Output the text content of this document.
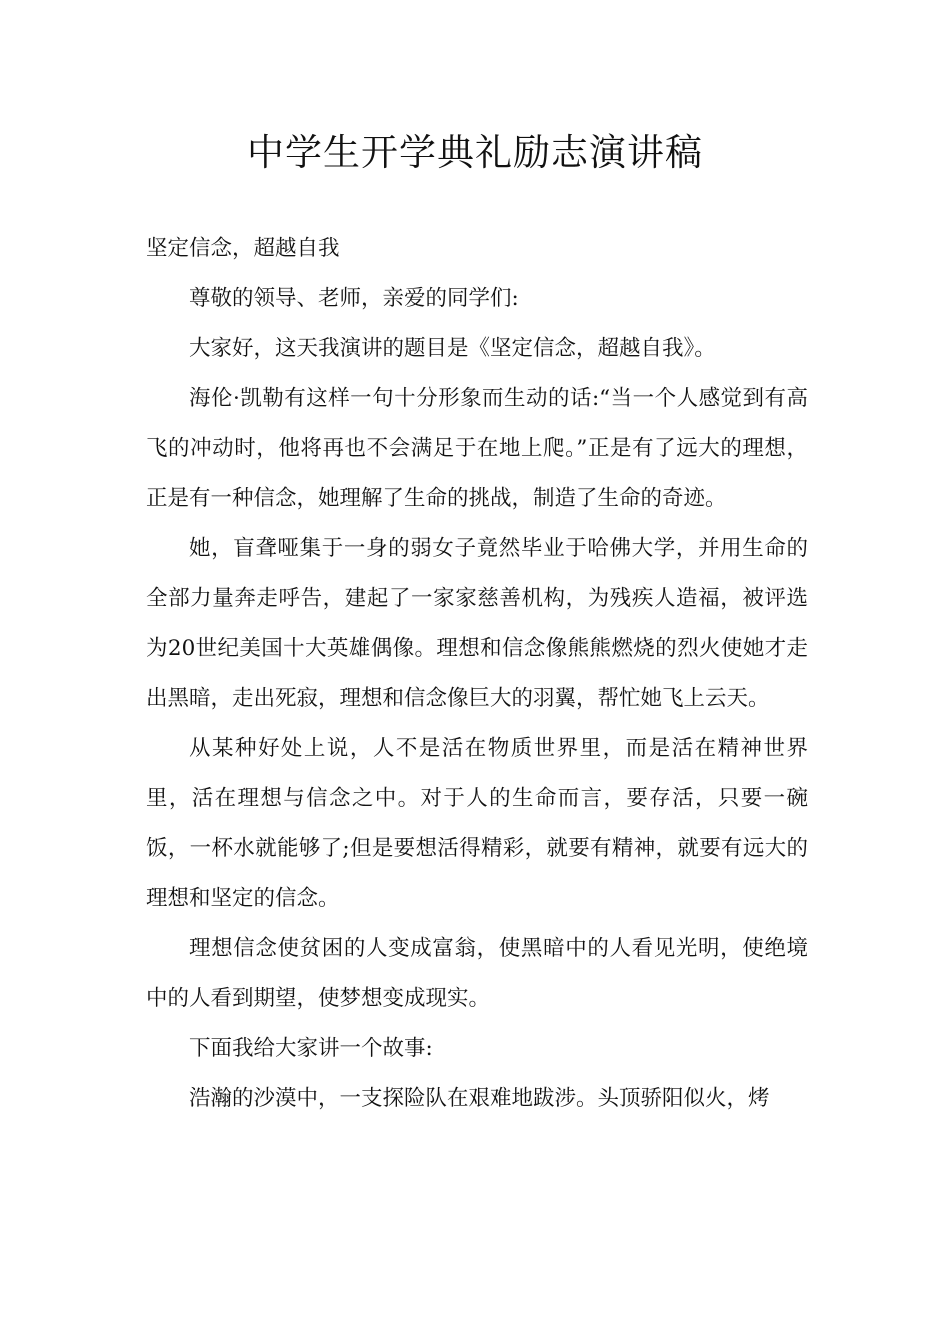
中学生开学典礼励志演讲稿

坚定信念，超越自我

尊敬的领导、老师，亲爱的同学们:

大家好，这天我演讲的题目是《坚定信念，超越自我》。

海伦·凯勒有这样一句十分形象而生动的话:“当一个人感觉到有高飞的冲动时，他将再也不会满足于在地上爬。”正是有了远大的理想，正是有一种信念，她理解了生命的挑战，制造了生命的奇迹。

她，盲聋哑集于一身的弱女子竟然毕业于哈佛大学，并用生命的全部力量奔走呼告，建起了一家家慈善机构，为残疾人造福，被评选为20世纪美国十大英雄偶像。理想和信念像熊熊燃烧的烈火使她才走出黑暗，走出死寂，理想和信念像巨大的羽翼，帮忙她飞上云天。

从某种好处上说，人不是活在物质世界里，而是活在精神世界里，活在理想与信念之中。对于人的生命而言，要存活，只要一碗饭，一杯水就能够了;但是要想活得精彩，就要有精神，就要有远大的理想和坚定的信念。

理想信念使贫困的人变成富翁，使黑暗中的人看见光明，使绝境中的人看到期望，使梦想变成现实。

下面我给大家讲一个故事:

浩瀚的沙漠中，一支探险队在艰难地跋涉。头顶骄阳似火，烤
